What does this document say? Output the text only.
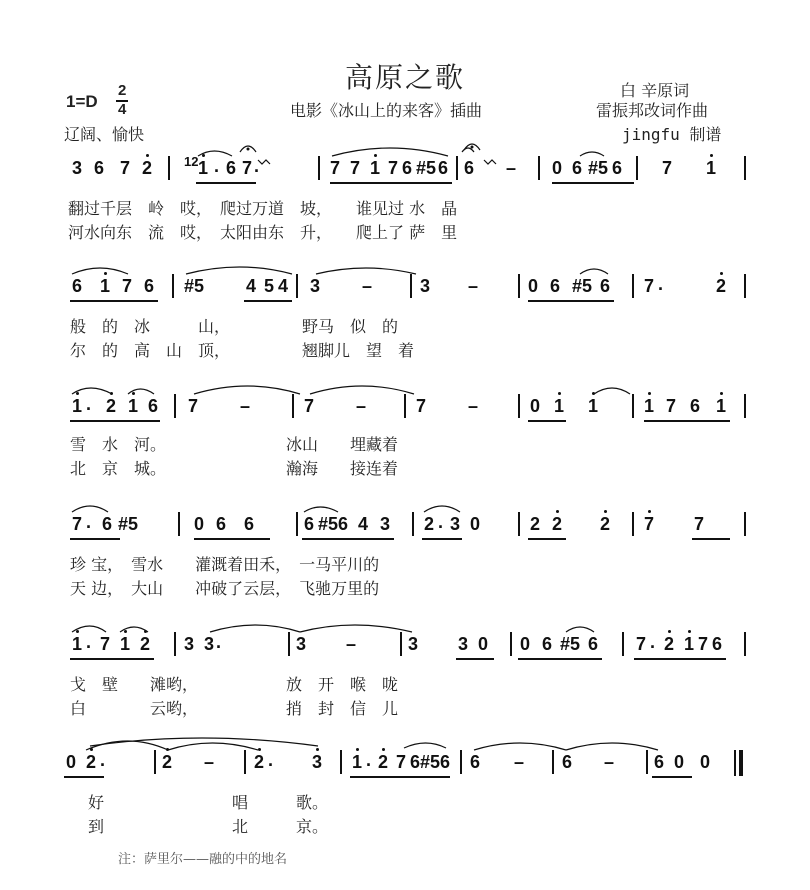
高原之歌
电影《冰山上的来客》插曲
白 辛原词
雷振邦改词作曲
jingfu 制谱
1=D
2
4
辽阔、愉快
3 6 7 2 12 1 . 6 7 .	7 7 1 7 6 #5 6 6 – 0 6 #5 6 7 1
翻过千层　岭　哎，　爬过万道　坡，　　谁见过 水　晶
河水向东　流　哎，　太阳由东　升，　　爬上了 萨　里
6 1 7 6 #5 4 5 4 3 –	3 –	0 6 #5 6 7 .	2
般　的　冰　　　山，　　　　　野马　似　的
尔　的　高　山　顶，　　　　　翘脚儿　望　着
1 . 2 1 6 7 –	7 –	7 –	0 1 1	1 7 6 1
雪　水　河。　　　　　　　　冰山　　埋藏着
北　京　城。　　　　　　　　瀚海　　接连着
7 . 6 #5	0 6 6	6 #5 6 4 3 2 . 3 0	2 2 2 7 7
珍 宝，　雪水　　灌溉着田禾，　一马平川的
天 边，　大山　　冲破了云层，　飞驰万里的
1 . 7 1 2 3 3 .	3 –	3 3 0 0 6 #5 6 7 . 2 1 7 6
戈　壁　　滩哟，　　　　　　放　开　喉　咙
白　　　　云哟，　　　　　　捎　封　信　儿
0 2 .	2 – 2 . 3 1 . 2 7 6 #5 6 6 – 6 – 6 0 0
好　　　　　　　　唱　　　歌。
到　　　　　　　　北　　　京。
注：萨里尔——融的中的地名
